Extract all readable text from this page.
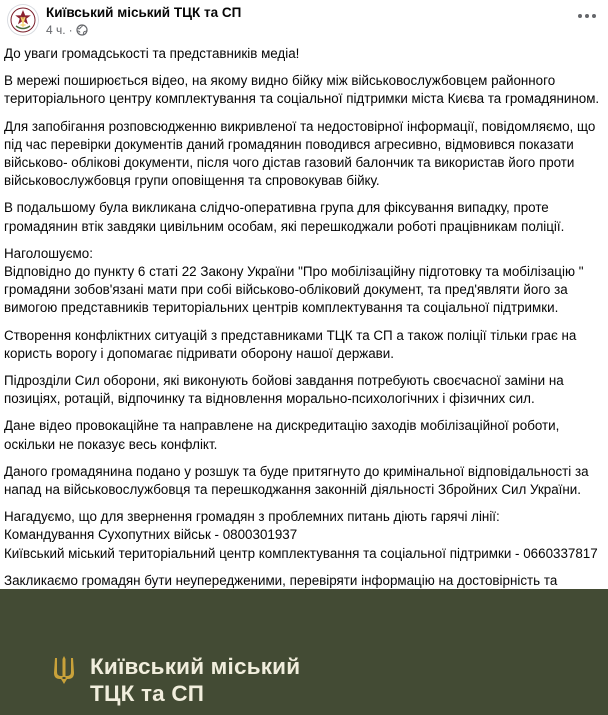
Київський міський ТЦК та СП
4 ч. ·

До уваги громадськості та представників медіа!

В мережі поширюється відео, на якому видно бійку між військовослужбовцем районного
територіального центру комплектування та соціальної підтримки міста Києва та громадянином.

Для запобігання розповсюдженню викривленої та недостовірної інформації, повідомляємо, що
під час перевірки документів даний громадянин поводився агресивно, відмовився показати
військово- облікові документи, після чого дістав газовий балончик та використав його проти
військовослужбовця групи оповіщення та спровокував бійку.

В подальшому була викликана слідчо-оперативна група для фіксування випадку, проте
громадянин втік завдяки цивільним особам, які перешкоджали роботі працівникам поліції.

Наголошуємо:

Відповідно до пункту 6 статі 22 Закону України "Про мобілізаційну підготовку та мобілізацію "
громадяни зобов'язані мати при собі військово-обліковий документ, та пред'являти його за
вимогою представників територіальних центрів комплектування та соціальної підтримки.

Створення конфліктних ситуацій з представниками ТЦК та СП а також поліції тільки грає на
користь ворогу і допомагає підривати оборону нашої держави.

Підрозділи Сил оборони, які виконують бойові завдання потребують своєчасної заміни на
позиціях, ротацій, відпочинку та відновлення морально-психологічних і фізичних сил.

Дане відео провокаційне та направлене на дискредитацію заходів мобілізаційної роботи,
оскільки не показує весь конфлікт.

Даного громадянина подано у розшук та буде притягнуто до кримінальної відповідальності за
напад на військовослужбовця та перешкоджання законній діяльності Збройних Сил України.

Нагадуємо, що для звернення громадян з проблемних питань діють гарячі лінії:

Командування Сухопутних військ - 0800301937

Київський міський територіальний центр комплектування та соціальної підтримки - 0660337817

Закликаємо громадян бути неупередженими, перевіряти інформацію на достовірність та

Київський міський
ТЦК та СП
